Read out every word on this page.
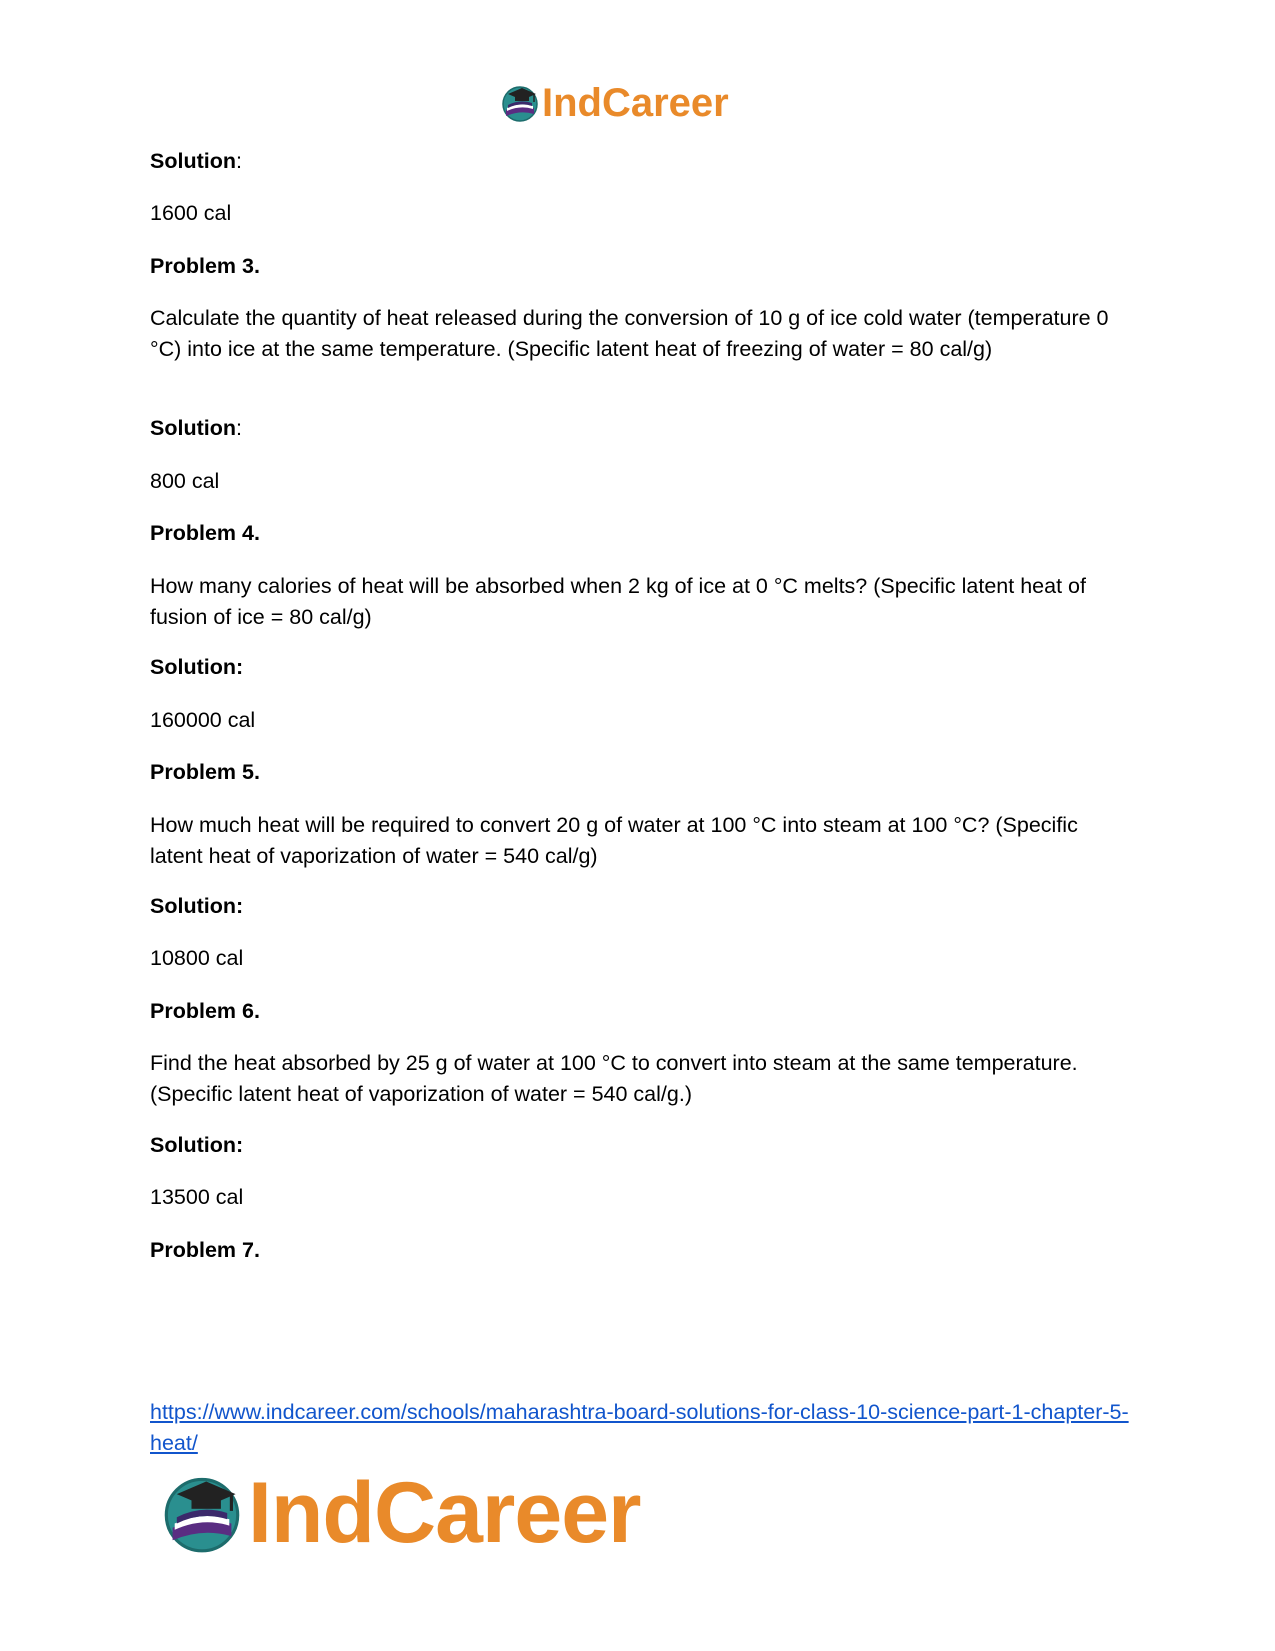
IndCareer

Solution:

1600 cal

Problem 3.

Calculate the quantity of heat released during the conversion of 10 g of ice cold water (temperature 0 °C) into ice at the same temperature. (Specific latent heat of freezing of water = 80 cal/g)

Solution:

800 cal

Problem 4.

How many calories of heat will be absorbed when 2 kg of ice at 0 °C melts? (Specific latent heat of fusion of ice = 80 cal/g)

Solution:

160000 cal

Problem 5.

How much heat will be required to convert 20 g of water at 100 °C into steam at 100 °C? (Specific latent heat of vaporization of water = 540 cal/g)

Solution:

10800 cal

Problem 6.

Find the heat absorbed by 25 g of water at 100 °C to convert into steam at the same temperature. (Specific latent heat of vaporization of water = 540 cal/g.)

Solution:

13500 cal

Problem 7.

https://www.indcareer.com/schools/maharashtra-board-solutions-for-class-10-science-part-1-chapter-5-heat/
IndCareer
